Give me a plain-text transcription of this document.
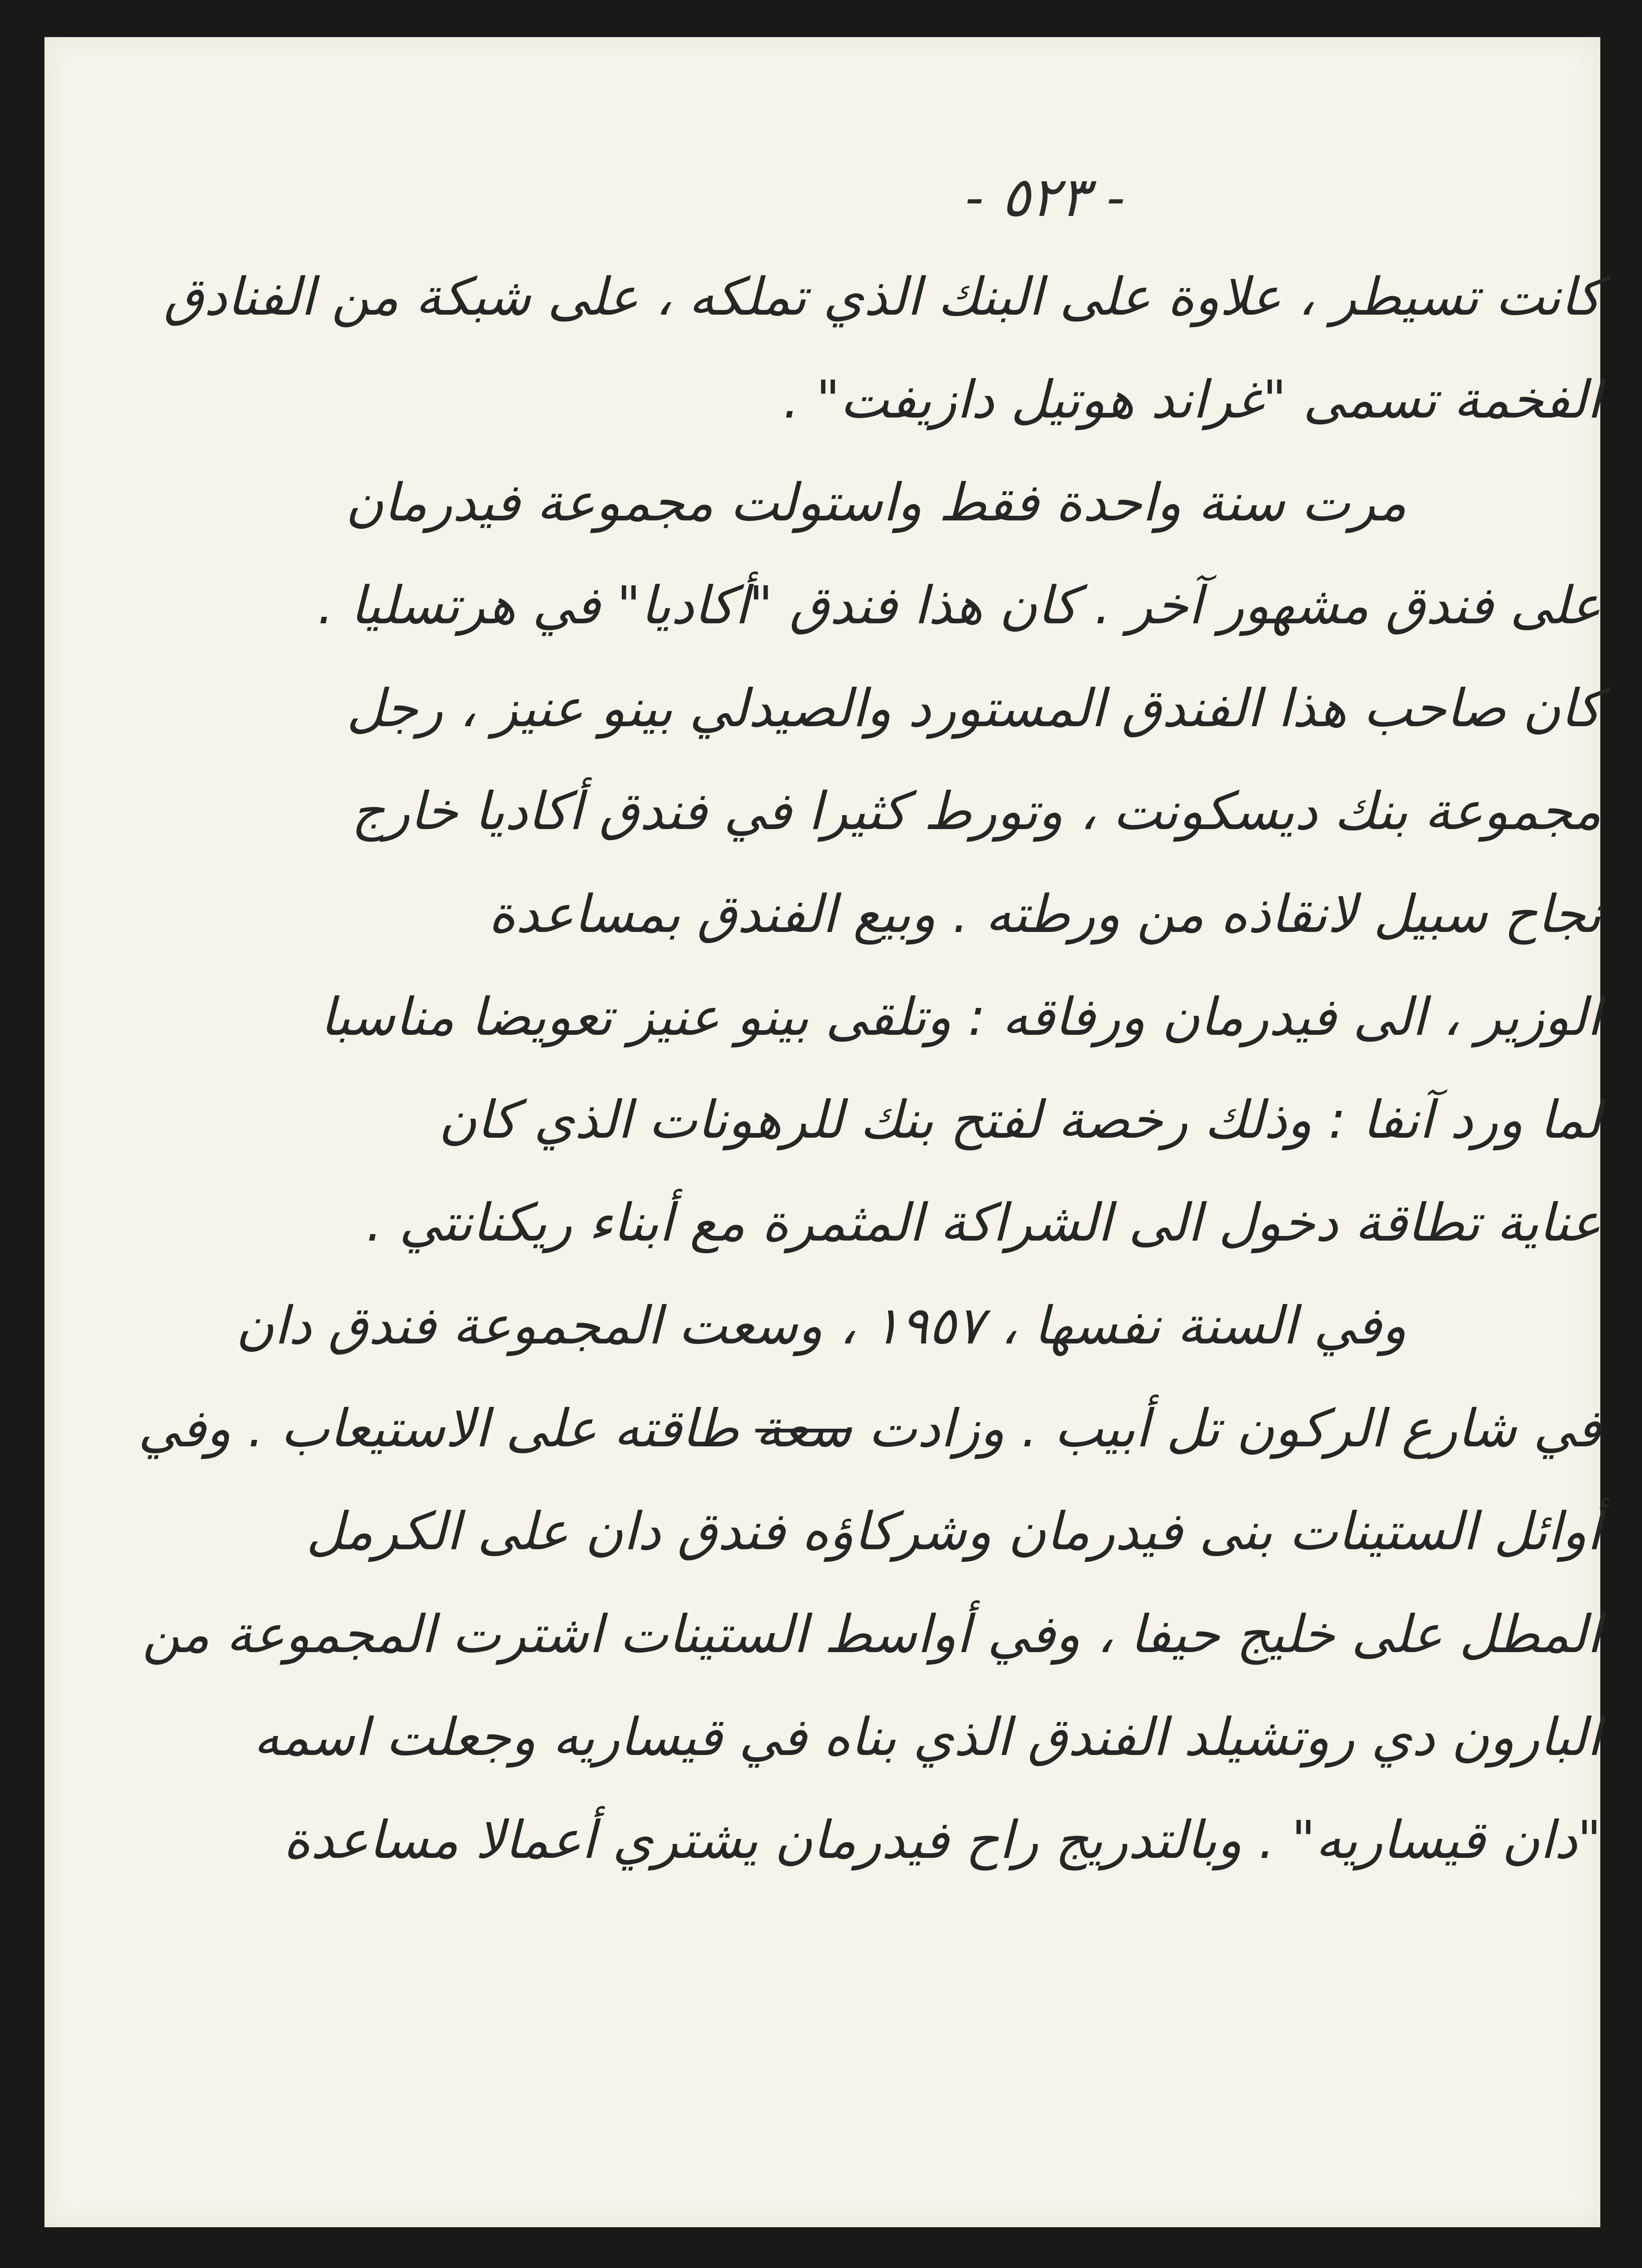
- ٥٢٣ -
كانت تسيطر ، علاوة على البنك الذي تملكه ، على شبكة من الفنادق
الفخمة تسمى "غراند هوتيل دازيفت" .
مرت سنة واحدة فقط واستولت مجموعة فيدرمان
على فندق مشهور آخر . كان هذا فندق "أكاديا" في هرتسليا .
كان صاحب هذا الفندق المستورد والصيدلي بينو عنيز ، رجل
مجموعة بنك ديسكونت ، وتورط كثيرا في فندق أكاديا خارج
نجاح سبيل لانقاذه من ورطته . وبيع الفندق بمساعدة
الوزير ، الى فيدرمان ورفاقه : وتلقى بينو عنيز تعويضا مناسبا
لما ورد آنفا : وذلك رخصة لفتح بنك للرهونات الذي كان
عناية تطاقة دخول الى الشراكة المثمرة مع أبناء ريكنانتي .
وفي السنة نفسها ، ١٩٥٧ ، وسعت المجموعة فندق دان
في شارع الركون تل أبيب . وزادت سعة طاقته على الاستيعاب . وفي
أوائل الستينات بنى فيدرمان وشركاؤه فندق دان على الكرمل
المطل على خليج حيفا ، وفي أواسط الستينات اشترت المجموعة من
البارون دي روتشيلد الفندق الذي بناه في قيساريه وجعلت اسمه
"دان قيساريه" . وبالتدريج راح فيدرمان يشتري أعمالا مساعدة
